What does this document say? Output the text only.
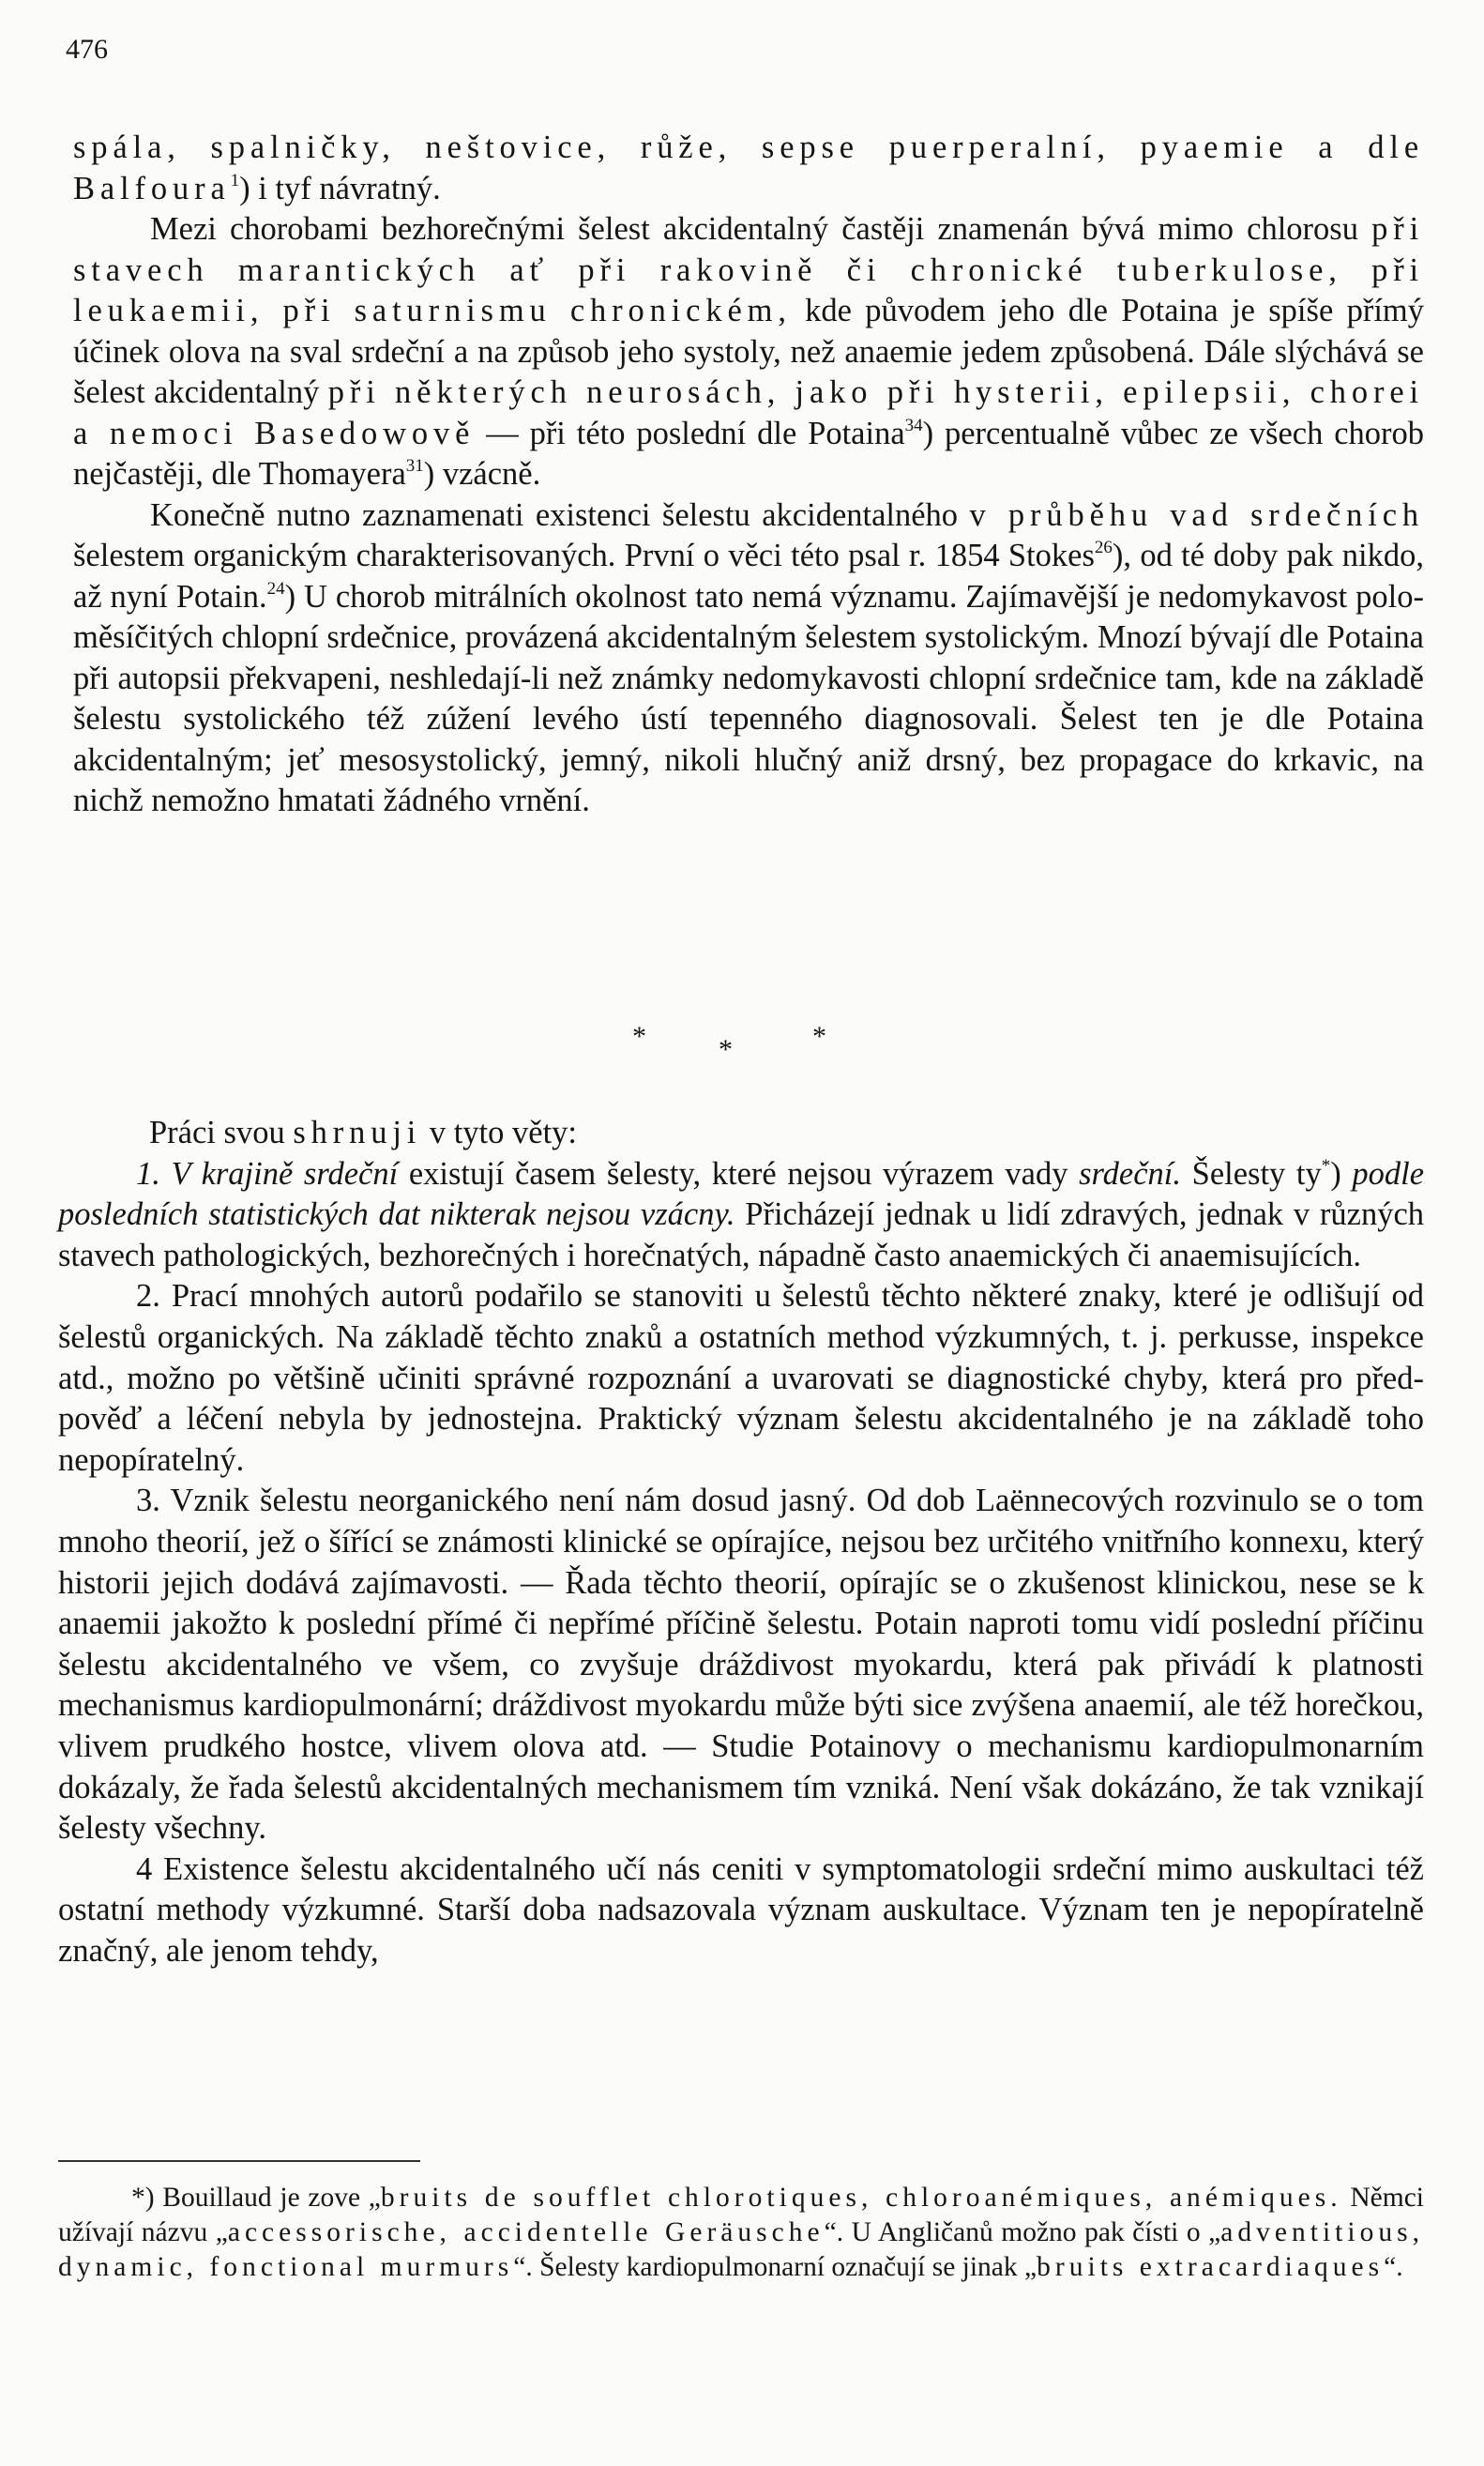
476

spála, spalničky, neštovice, růže, sepse puerperalní, pyaemie a dle Balfoura$^1$) i tyf návratný.

Mezi chorobami bezhorečnými šelest akcidentalný častěji znamenán bývá mimo chlorosu při stavech marantických ať při rakovině či chronické tuberkulose, při leukaemii, při saturnismu chronickém, kde původem jeho dle Potaina je spíše přímý účinek olova na sval srdeční a na způsob jeho systoly, než anaemie jedem způsobená. Dále slýchává se šelest akcidentalný při některých neurosách, jako při hysterii, epilepsii, chorei a nemoci Basedowově — při této poslední dle Potaina$^{34}$) percentualně vůbec ze všech chorob nejčastěji, dle Thomayera$^{31}$) vzácně.

Konečně nutno zaznamenati existenci šelestu akcidentalného v průběhu vad srdečních šelestem organickým charakterisovaných. První o věci této psal r. 1854 Stokes$^{26}$), od té doby pak nikdo, až nyní Potain.$^{24}$) U chorob mitrálních okolnost tato nemá významu. Zajímavější je nedomykavost poloměsíčitých chlopní srdečnice, provázená akcidentalným šelestem systolickým. Mnozí bývají dle Potaina při autopsii překvapeni, neshledají-li než známky nedomykavosti chlopní srdečnice tam, kde na základě šelestu systolického též zúžení levého ústí tepenného diagnosovali. Šelest ten je dle Potaina akcidentalným; jeť mesosystolický, jemný, nikoli hlučný aniž drsný, bez propagace do krkavic, na nichž nemožno hmatati žádného vrnění.

*	*	*

Práci svou shrnuji v tyto věty:

1. V krajině srdeční existují časem šelesty, které nejsou výrazem vady srdeční. Šelesty ty*) podle posledních statistických dat nikterak nejsou vzácny. Přicházejí jednak u lidí zdravých, jednak v různých stavech pathologických, bezhorečných i horečnatých, nápadně často anaemických či anaemisujících.

2. Prací mnohých autorů podařilo se stanoviti u šelestů těchto některé znaky, které je odlišují od šelestů organických. Na základě těchto znaků a ostatních method výzkumných, t. j. perkusse, inspekce atd., možno po většině učiniti správné rozpoznání a uvarovati se diagnostické chyby, která pro předpověď a léčení nebyla by jednostejna. Praktický význam šelestu akcidentalného je na základě toho nepopíratelný.

3. Vznik šelestu neorganického není nám dosud jasný. Od dob Laënnecových rozvinulo se o tom mnoho theorií, jež o šířící se známosti klinické se opírajíce, nejsou bez určitého vnitřního konnexu, který historii jejich dodává zajímavosti. — Řada těchto theorií, opírajíc se o zkušenost klinickou, nese se k anaemii jakožto k poslední přímé či nepřímé příčině šelestu. Potain naproti tomu vidí poslední příčinu šelestu akcidentalného ve všem, co zvyšuje dráždivost myokardu, která pak přivádí k platnosti mechanismus kardiopulmonární; dráždivost myokardu může býti sice zvýšena anaemií, ale též horečkou, vlivem prudkého hostce, vlivem olova atd. — Studie Potainovy o mechanismu kardiopulmonarním dokázaly, že řada šelestů akcidentalných mechanismem tím vzniká. Není však dokázáno, že tak vznikají šelesty všechny.

4 Existence šelestu akcidentalného učí nás ceniti v symptomatologii srdeční mimo auskultaci též ostatní methody výzkumné. Starší doba nadsazovala význam auskultace. Význam ten je nepopíratelně značný, ale jenom tehdy,

*) Bouillaud je zove „bruits de soufflet chlorotiques, chloroanémiques, anémiques. Němci užívají názvu „accessorische, accidentelle Geräusche“. U Angličanů možno pak čísti o „adventitious, dynamic, fonctional murmurs“. Šelesty kardiopulmonarní označují se jinak „bruits extracardiaques“.
